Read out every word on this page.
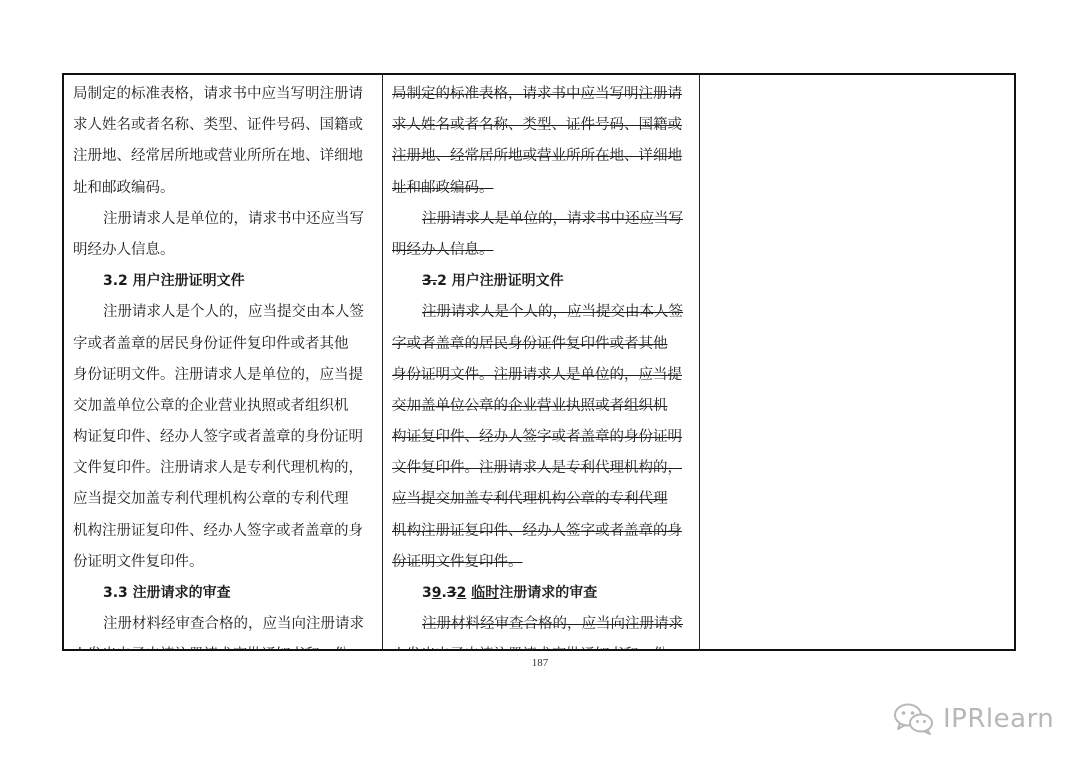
局制定的标准表格，请求书中应当写明注册请
求人姓名或者名称、类型、证件号码、国籍或
注册地、经常居所地或营业所所在地、详细地
址和邮政编码。
注册请求人是单位的，请求书中还应当写
明经办人信息。
3.2 用户注册证明文件
注册请求人是个人的，应当提交由本人签
字或者盖章的居民身份证件复印件或者其他
身份证明文件。注册请求人是单位的，应当提
交加盖单位公章的企业营业执照或者组织机
构证复印件、经办人签字或者盖章的身份证明
文件复印件。注册请求人是专利代理机构的，
应当提交加盖专利代理机构公章的专利代理
机构注册证复印件、经办人签字或者盖章的身
份证明文件复印件。
3.3 注册请求的审查
注册材料经审查合格的，应当向注册请求
局制定的标准表格，请求书中应当写明注册请
求人姓名或者名称、类型、证件号码、国籍或
注册地、经常居所地或营业所所在地、详细地
址和邮政编码。
注册请求人是单位的，请求书中还应当写
明经办人信息。
3.2 用户注册证明文件
注册请求人是个人的，应当提交由本人签
字或者盖章的居民身份证件复印件或者其他
身份证明文件。注册请求人是单位的，应当提
交加盖单位公章的企业营业执照或者组织机
构证复印件、经办人签字或者盖章的身份证明
文件复印件。注册请求人是专利代理机构的，
应当提交加盖专利代理机构公章的专利代理
机构注册证复印件、经办人签字或者盖章的身
份证明文件复印件。
39.32 临时注册请求的审查
注册材料经审查合格的，应当向注册请求
187
IPRlearn
